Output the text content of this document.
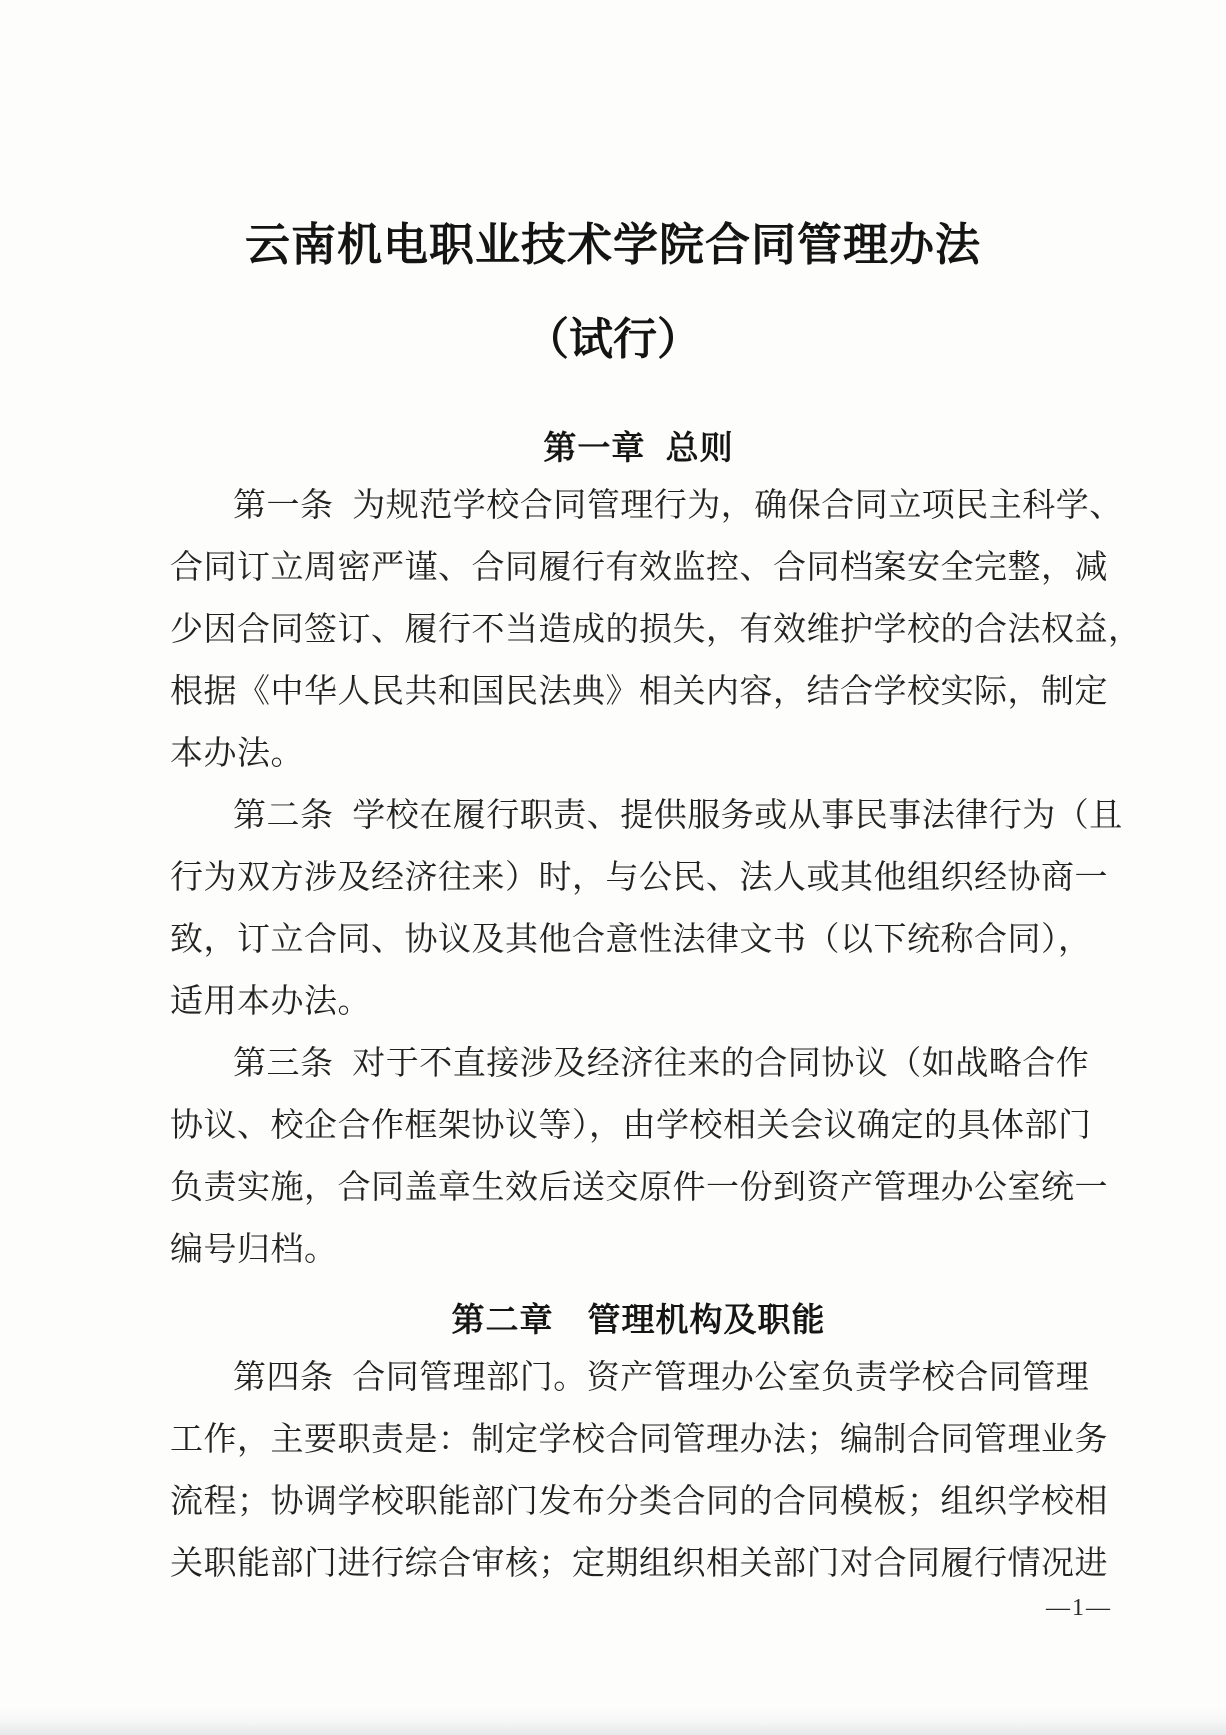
云南机电职业技术学院合同管理办法
（试行）
第一章 总则
第一条 为规范学校合同管理行为，确保合同立项民主科学、
合同订立周密严谨、合同履行有效监控、合同档案安全完整，减
少因合同签订、履行不当造成的损失，有效维护学校的合法权益，
根据《中华人民共和国民法典》相关内容，结合学校实际，制定
本办法。
第二条 学校在履行职责、提供服务或从事民事法律行为（且
行为双方涉及经济往来）时，与公民、法人或其他组织经协商一
致，订立合同、协议及其他合意性法律文书（以下统称合同），
适用本办法。
第三条 对于不直接涉及经济往来的合同协议（如战略合作
协议、校企合作框架协议等），由学校相关会议确定的具体部门
负责实施，合同盖章生效后送交原件一份到资产管理办公室统一
编号归档。
第二章　管理机构及职能
第四条 合同管理部门。资产管理办公室负责学校合同管理
工作，主要职责是：制定学校合同管理办法；编制合同管理业务
流程；协调学校职能部门发布分类合同的合同模板；组织学校相
关职能部门进行综合审核；定期组织相关部门对合同履行情况进
—1—
